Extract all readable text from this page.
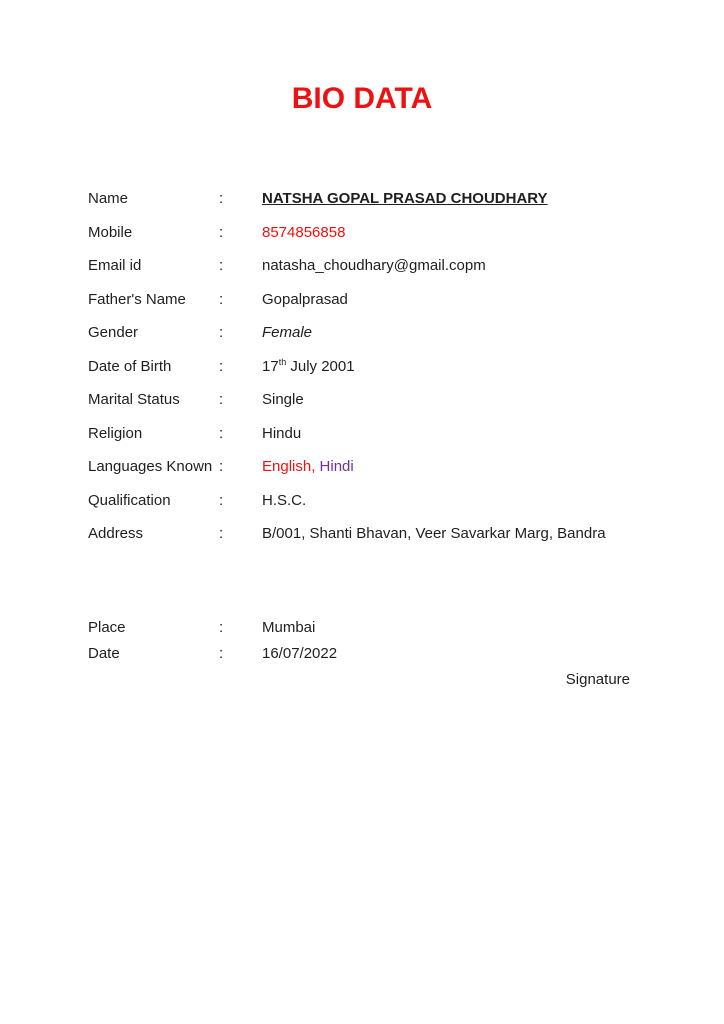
BIO DATA
Name	:	NATSHA GOPAL PRASAD CHOUDHARY
Mobile	:	8574856858
Email id	:	natasha_choudhary@gmail.copm
Father's Name	:	Gopalprasad
Gender	:	Female
Date of Birth	:	17th July 2001
Marital Status	:	Single
Religion	:	Hindu
Languages Known :	English, Hindi
Qualification	:	H.S.C.
Address	:	B/001, Shanti Bhavan, Veer Savarkar Marg, Bandra
Place	:	Mumbai
Date	:	16/07/2022
Signature
